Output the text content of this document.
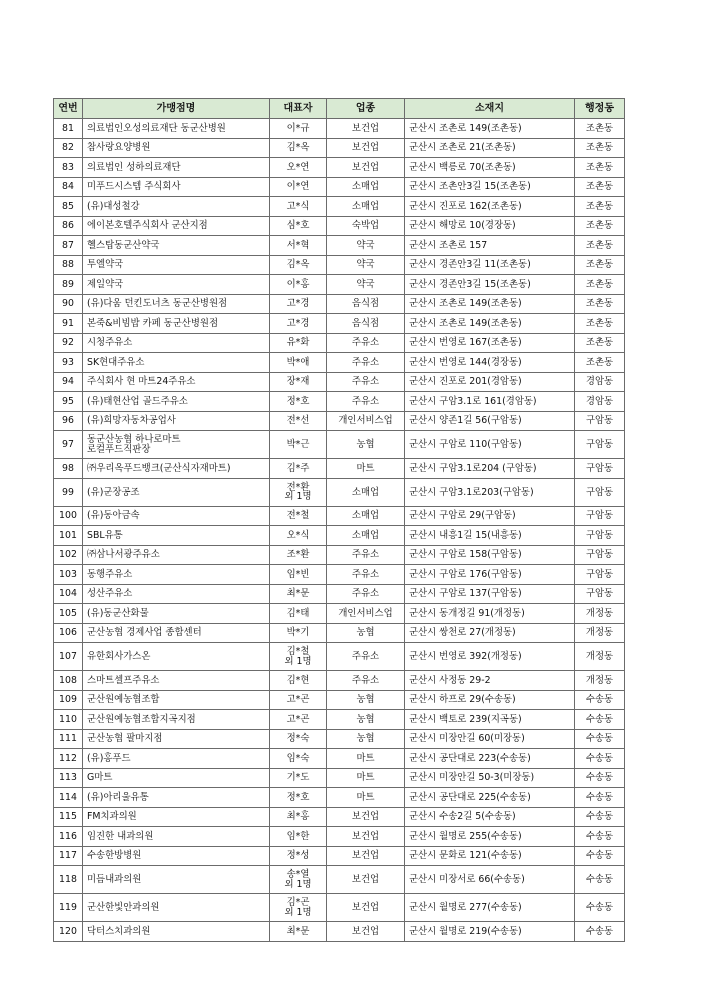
연번	가맹점명	대표자	업종	소재지	행정동
81	의료법인오성의료재단 동군산병원	이*규	보건업	군산시 조촌로 149(조촌동)	조촌동
82	참사랑요양병원	김*옥	보건업	군산시 조촌로 21(조촌동)	조촌동
83	의료법인 성하의료재단	오*연	보건업	군산시 백릉로 70(조촌동)	조촌동
84	미푸드시스템 주식회사	이*연	소매업	군산시 조촌안3길 15(조촌동)	조촌동
85	(유)대성철강	고*식	소매업	군산시 진포로 162(조촌동)	조촌동
86	에이본호텔주식회사 군산지점	심*호	숙박업	군산시 해망로 10(경장동)	조촌동
87	헬스탑동군산약국	서*혁	약국	군산시 조촌로 157	조촌동
88	투엘약국	김*옥	약국	군산시 경존안3길 11(조촌동)	조촌동
89	제일약국	이*홍	약국	군산시 경존안3길 15(조촌동)	조촌동
90	(유)다움 던킨도너츠 동군산병원점	고*경	음식점	군산시 조촌로 149(조촌동)	조촌동
91	본죽&비빔밥 카페 동군산병원점	고*경	음식점	군산시 조촌로 149(조촌동)	조촌동
92	시청주유소	유*화	주유소	군산시 번영로 167(조촌동)	조촌동
93	SK현대주유소	박*애	주유소	군산시 번영로 144(경장동)	조촌동
94	주식회사 현 마트24주유소	장*재	주유소	군산시 진포로 201(경암동)	경암동
95	(유)태현산업 골드주유소	정*호	주유소	군산시 구암3.1로 161(경암동)	경암동
96	(유)희망자동차공업사	전*선	개인서비스업	군산시 양존1길 56(구암동)	구암동
97	동군산농협 하나로마트
로컬푸드직판장	박*근	농협	군산시 구암로 110(구암동)	구암동
98	㈜우리옥푸드뱅크(군산식자재마트)	김*주	마트	군산시 구암3.1로204 (구암동)	구암동
99	(유)군장공조	전*환
외 1명	소매업	군산시 구암3.1로203(구암동)	구암동
100	(유)동아금속	전*철	소매업	군산시 구암로 29(구암동)	구암동
101	SBL유통	오*식	소매업	군산시 내흥1길 15(내흥동)	구암동
102	㈜삼나서광주유소	조*환	주유소	군산시 구암로 158(구암동)	구암동
103	동행주유소	임*빈	주유소	군산시 구암로 176(구암동)	구암동
104	성산주유소	최*문	주유소	군산시 구암로 137(구암동)	구암동
105	(유)동군산화물	김*태	개인서비스업	군산시 동개정길 91(개정동)	개정동
106	군산농협 경제사업 종합센터	박*기	농협	군산시 쌍천로 27(개정동)	개정동
107	유한회사가스온	김*철
외 1명	주유소	군산시 번영로 392(개정동)	개정동
108	스마트셀프주유소	김*현	주유소	군산시 사정동 29-2	개정동
109	군산원예농협조합	고*곤	농협	군산시 하프로 29(수송동)	수송동
110	군산원예농협조합지곡지점	고*곤	농협	군산시 백토로 239(지곡동)	수송동
111	군산농협 팔마지점	정*숙	농협	군산시 미장안길 60(미장동)	수송동
112	(유)홍푸드	임*숙	마트	군산시 공단대로 223(수송동)	수송동
113	G마트	기*도	마트	군산시 미장안길 50-3(미장동)	수송동
114	(유)아리울유통	정*호	마트	군산시 공단대로 225(수송동)	수송동
115	FM치과의원	최*홍	보건업	군산시 수송2길 5(수송동)	수송동
116	임진한 내과의원	임*한	보건업	군산시 월명로 255(수송동)	수송동
117	수송한방병원	정*성	보건업	군산시 문화로 121(수송동)	수송동
118	미듬내과의원	송*열
외 1명	보건업	군산시 미장서로 66(수송동)	수송동
119	군산한빛안과의원	김*곤
외 1명	보건업	군산시 월명로 277(수송동)	수송동
120	닥터스치과의원	최*문	보건업	군산시 월명로 219(수송동)	수송동
